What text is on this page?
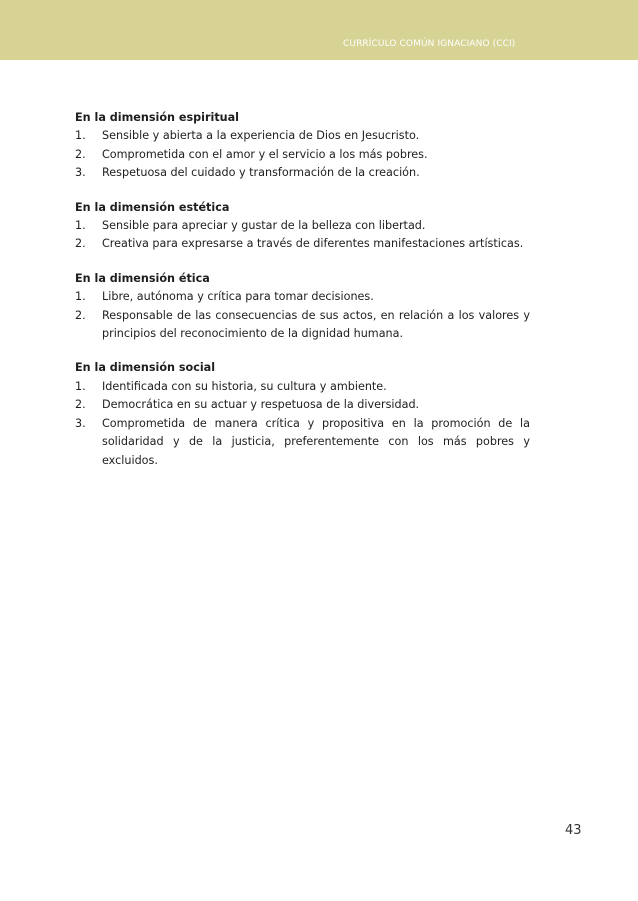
CURRÍCULO COMÚN IGNACIANO (CCI)

En la dimensión espiritual

1.	Sensible y abierta a la experiencia de Dios en Jesucristo.
2.	Comprometida con el amor y el servicio a los más pobres.
3.	Respetuosa del cuidado y transformación de la creación.

En la dimensión estética

1.	Sensible para apreciar y gustar de la belleza con libertad.
2.	Creativa para expresarse a través de diferentes manifestaciones artísticas.

En la dimensión ética

1.	Libre, autónoma y crítica para tomar decisiones.
2.	Responsable de las consecuencias de sus actos, en relación a los valores y principios del reconocimiento de la dignidad humana.

En la dimensión social

1.	Identificada con su historia, su cultura y ambiente.
2.	Democrática en su actuar y respetuosa de la diversidad.
3.	Comprometida de manera crítica y propositiva en la promoción de la solidaridad y de la justicia, preferentemente con los más pobres y excluidos.
43
